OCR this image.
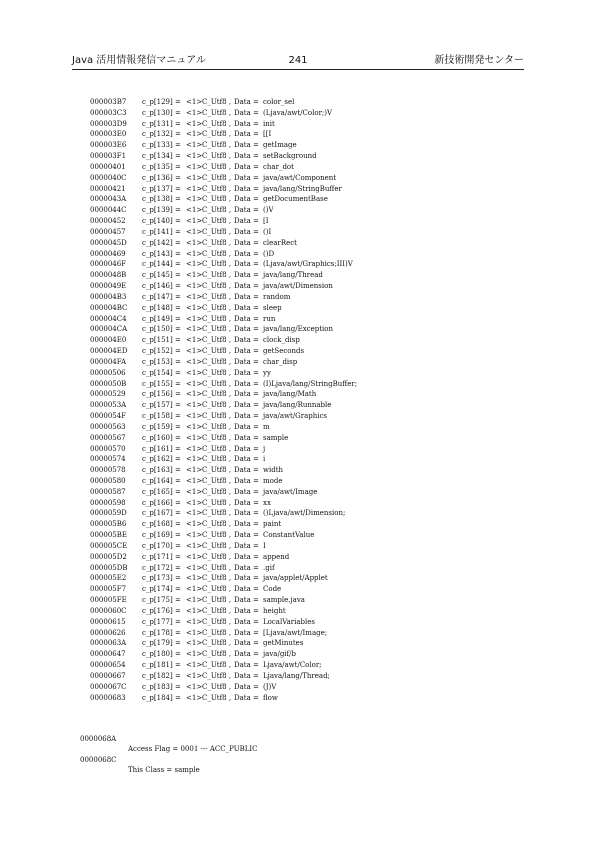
Java 活用情報発信マニュアル	241	新技術開発センター
000003B7 c_p[129] = <1> C_Utf8 , Data = color_sel
000003C3 c_p[130] = <1> C_Utf8 , Data = (Ljava/awt/Color;)V
000003D9 c_p[131] = <1> C_Utf8 , Data = init
000003E0 c_p[132] = <1> C_Utf8 , Data = [[I
000003E6 c_p[133] = <1> C_Utf8 , Data = getImage
000003F1 c_p[134] = <1> C_Utf8 , Data = setBackground
00000401 c_p[135] = <1> C_Utf8 , Data = char_dot
0000040C c_p[136] = <1> C_Utf8 , Data = java/awt/Component
00000421 c_p[137] = <1> C_Utf8 , Data = java/lang/StringBuffer
0000043A c_p[138] = <1> C_Utf8 , Data = getDocumentBase
0000044C c_p[139] = <1> C_Utf8 , Data = ()V
00000452 c_p[140] = <1> C_Utf8 , Data = [I
00000457 c_p[141] = <1> C_Utf8 , Data = ()I
0000045D c_p[142] = <1> C_Utf8 , Data = clearRect
00000469 c_p[143] = <1> C_Utf8 , Data = ()D
0000046F c_p[144] = <1> C_Utf8 , Data = (Ljava/awt/Graphics;III)V
0000048B c_p[145] = <1> C_Utf8 , Data = java/lang/Thread
0000049E c_p[146] = <1> C_Utf8 , Data = java/awt/Dimension
000004B3 c_p[147] = <1> C_Utf8 , Data = random
000004BC c_p[148] = <1> C_Utf8 , Data = sleep
000004C4 c_p[149] = <1> C_Utf8 , Data = run
000004CA c_p[150] = <1> C_Utf8 , Data = java/lang/Exception
000004E0 c_p[151] = <1> C_Utf8 , Data = clock_disp
000004ED c_p[152] = <1> C_Utf8 , Data = getSeconds
000004FA c_p[153] = <1> C_Utf8 , Data = char_disp
00000506 c_p[154] = <1> C_Utf8 , Data = yy
0000050B c_p[155] = <1> C_Utf8 , Data = (I)Ljava/lang/StringBuffer;
00000529 c_p[156] = <1> C_Utf8 , Data = java/lang/Math
0000053A c_p[157] = <1> C_Utf8 , Data = java/lang/Runnable
0000054F c_p[158] = <1> C_Utf8 , Data = java/awt/Graphics
00000563 c_p[159] = <1> C_Utf8 , Data = m
00000567 c_p[160] = <1> C_Utf8 , Data = sample
00000570 c_p[161] = <1> C_Utf8 , Data = j
00000574 c_p[162] = <1> C_Utf8 , Data = i
00000578 c_p[163] = <1> C_Utf8 , Data = width
00000580 c_p[164] = <1> C_Utf8 , Data = mode
00000587 c_p[165] = <1> C_Utf8 , Data = java/awt/Image
00000598 c_p[166] = <1> C_Utf8 , Data = xx
0000059D c_p[167] = <1> C_Utf8 , Data = ()Ljava/awt/Dimension;
000005B6 c_p[168] = <1> C_Utf8 , Data = paint
000005BE c_p[169] = <1> C_Utf8 , Data = ConstantValue
000005CE c_p[170] = <1> C_Utf8 , Data = I
000005D2 c_p[171] = <1> C_Utf8 , Data = append
000005DB c_p[172] = <1> C_Utf8 , Data = .gif
000005E2 c_p[173] = <1> C_Utf8 , Data = java/applet/Applet
000005F7 c_p[174] = <1> C_Utf8 , Data = Code
000005FE c_p[175] = <1> C_Utf8 , Data = sample.java
0000060C c_p[176] = <1> C_Utf8 , Data = height
00000615 c_p[177] = <1> C_Utf8 , Data = LocalVariables
00000626 c_p[178] = <1> C_Utf8 , Data = [Ljava/awt/Image;
0000063A c_p[179] = <1> C_Utf8 , Data = getMinutes
00000647 c_p[180] = <1> C_Utf8 , Data = java/gif/b
00000654 c_p[181] = <1> C_Utf8 , Data = Ljava/awt/Color;
00000667 c_p[182] = <1> C_Utf8 , Data = Ljava/lang/Thread;
0000067C c_p[183] = <1> C_Utf8 , Data = (J)V
00000683 c_p[184] = <1> C_Utf8 , Data = flow

0000068A

Access Flag = 0001 --- ACC_PUBLIC

0000068C

This Class = sample
